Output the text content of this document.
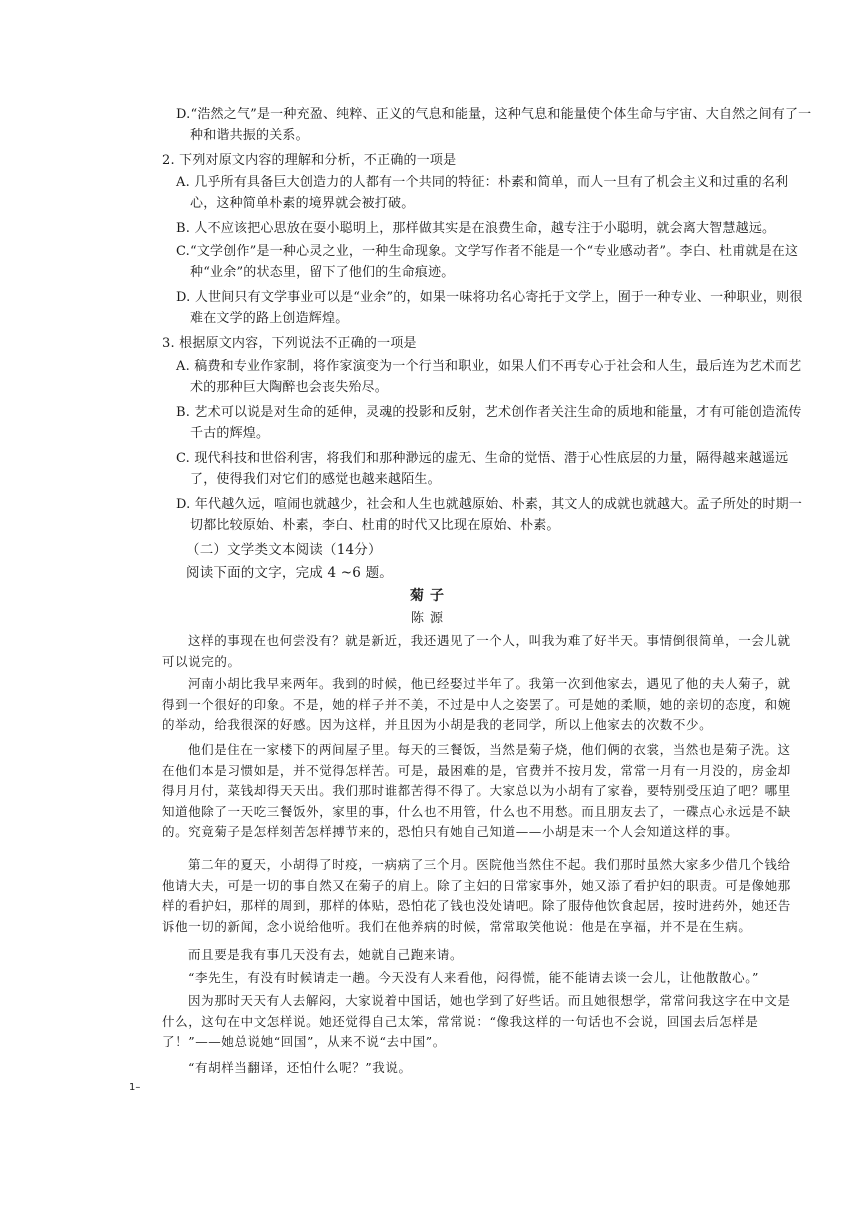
D.“浩然之气”是一种充盈、纯粹、正义的气息和能量，这种气息和能量使个体生命与宇宙、大自然之间有了一种和谐共振的关系。

2. 下列对原文内容的理解和分析，不正确的一项是

A. 几乎所有具备巨大创造力的人都有一个共同的特征：朴素和简单，而人一旦有了机会主义和过重的名利心，这种简单朴素的境界就会被打破。

B. 人不应该把心思放在耍小聪明上，那样做其实是在浪费生命，越专注于小聪明，就会离大智慧越远。

C.“文学创作”是一种心灵之业，一种生命现象。文学写作者不能是一个“专业感动者”。李白、杜甫就是在这种“业余”的状态里，留下了他们的生命痕迹。

D. 人世间只有文学事业可以是“业余”的，如果一味将功名心寄托于文学上，囿于一种专业、一种职业，则很难在文学的路上创造辉煌。

3. 根据原文内容，下列说法不正确的一项是

A. 稿费和专业作家制，将作家演变为一个行当和职业，如果人们不再专心于社会和人生，最后连为艺术而艺术的那种巨大陶醉也会丧失殆尽。

B. 艺术可以说是对生命的延伸，灵魂的投影和反射，艺术创作者关注生命的质地和能量，才有可能创造流传千古的辉煌。

C. 现代科技和世俗利害，将我们和那种渺远的虚无、生命的觉悟、潜于心性底层的力量，隔得越来越遥远了，使得我们对它们的感觉也越来越陌生。

D. 年代越久远，喧闹也就越少，社会和人生也就越原始、朴素，其文人的成就也就越大。孟子所处的时期一切都比较原始、朴素，李白、杜甫的时代又比现在原始、朴素。

（二）文学类文本阅读（14分）

阅读下面的文字，完成 4 ~6 题。

菊子

陈源

这样的事现在也何尝没有？就是新近，我还遇见了一个人，叫我为难了好半天。事情倒很简单，一会儿就可以说完的。

河南小胡比我早来两年。我到的时候，他已经娶过半年了。我第一次到他家去，遇见了他的夫人菊子，就得到一个很好的印象。不是，她的样子并不美，不过是中人之姿罢了。可是她的柔顺，她的亲切的态度，和婉的举动，给我很深的好感。因为这样，并且因为小胡是我的老同学，所以上他家去的次数不少。

他们是住在一家楼下的两间屋子里。每天的三餐饭，当然是菊子烧，他们俩的衣裳，当然也是菊子洗。这在他们本是习惯如是，并不觉得怎样苦。可是，最困难的是，官费并不按月发，常常一月有一月没的，房金却得月月付，菜钱却得天天出。我们那时谁都苦得不得了。大家总以为小胡有了家眷，要特别受压迫了吧？哪里知道他除了一天吃三餐饭外，家里的事，什么也不用管，什么也不用愁。而且朋友去了，一碟点心永远是不缺的。究竟菊子是怎样刻苦怎样搏节来的，恐怕只有她自己知道——小胡是末一个人会知道这样的事。

第二年的夏天，小胡得了时疫，一病病了三个月。医院他当然住不起。我们那时虽然大家多少借几个钱给他请大夫，可是一切的事自然又在菊子的肩上。除了主妇的日常家事外，她又添了看护妇的职责。可是像她那样的看护妇，那样的周到，那样的体贴，恐怕花了钱也没处请吧。除了服侍他饮食起居，按时进药外，她还告诉他一切的新闻，念小说给他听。我们在他养病的时候，常常取笑他说：他是在享福，并不是在生病。

而且要是我有事几天没有去，她就自己跑来请。

“李先生，有没有时候请走一趟。今天没有人来看他，闷得慌，能不能请去谈一会儿，让他散散心。”

因为那时天天有人去解闷，大家说着中国话，她也学到了好些话。而且她很想学，常常问我这字在中文是什么，这句在中文怎样说。她还觉得自己太笨，常常说：“像我这样的一句话也不会说，回国去后怎样是了！”——她总说她“回国”，从来不说“去中国”。

“有胡样当翻译，还怕什么呢？”我说。

1–
